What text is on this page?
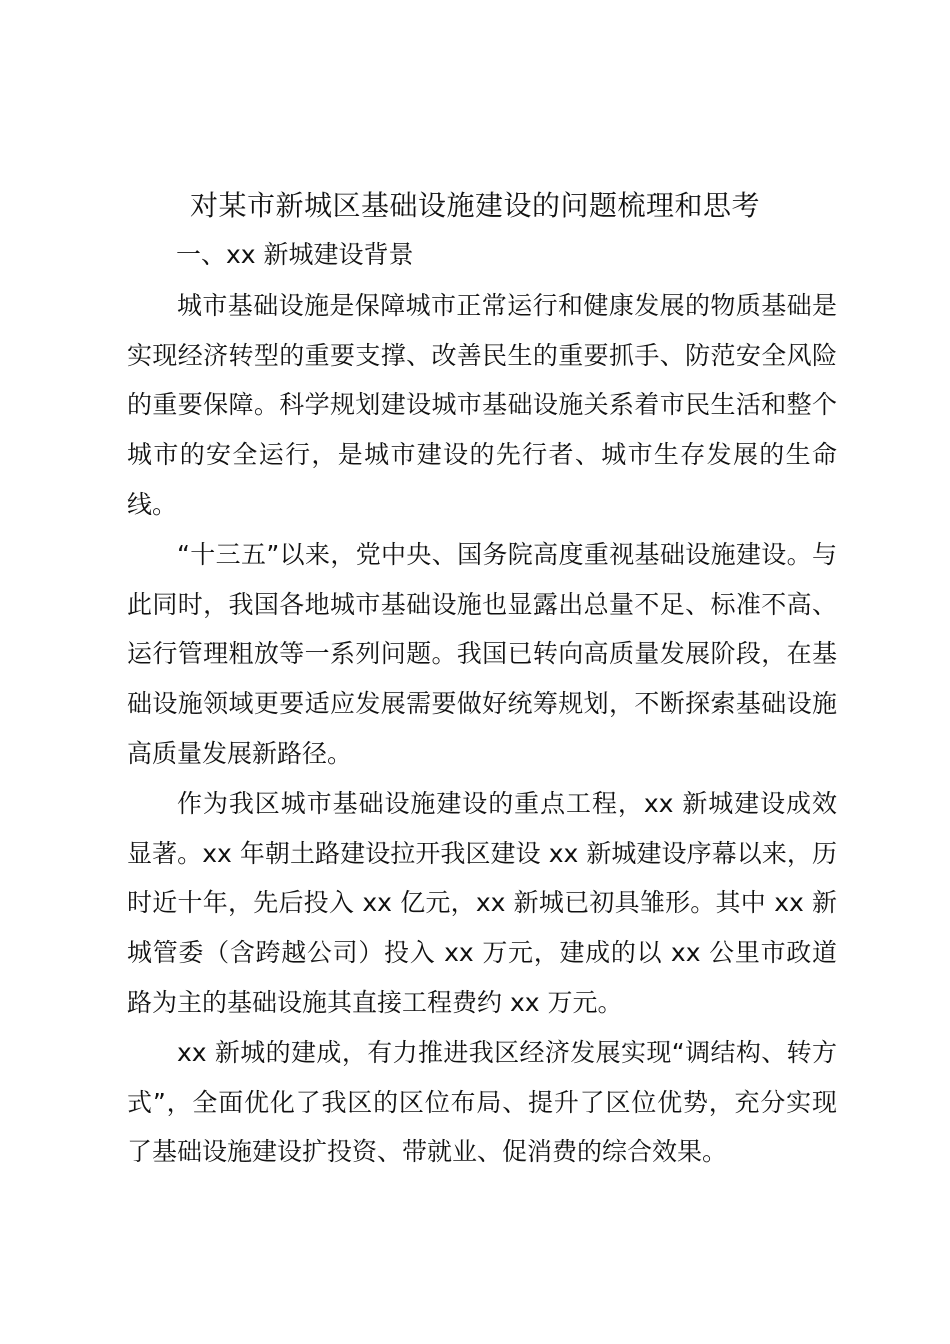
对某市新城区基础设施建设的问题梳理和思考
一、xx 新城建设背景

城市基础设施是保障城市正常运行和健康发展的物质基础是实现经济转型的重要支撑、改善民生的重要抓手、防范安全风险的重要保障。科学规划建设城市基础设施关系着市民生活和整个城市的安全运行，是城市建设的先行者、城市生存发展的生命线。

“十三五”以来，党中央、国务院高度重视基础设施建设。与此同时，我国各地城市基础设施也显露出总量不足、标准不高、运行管理粗放等一系列问题。我国已转向高质量发展阶段，在基础设施领域更要适应发展需要做好统筹规划，不断探索基础设施高质量发展新路径。

作为我区城市基础设施建设的重点工程，xx 新城建设成效显著。xx 年朝土路建设拉开我区建设 xx 新城建设序幕以来，历时近十年，先后投入 xx 亿元，xx 新城已初具雏形。其中 xx 新城管委（含跨越公司）投入 xx 万元，建成的以 xx 公里市政道路为主的基础设施其直接工程费约 xx 万元。

xx 新城的建成，有力推进我区经济发展实现“调结构、转方式”，全面优化了我区的区位布局、提升了区位优势，充分实现了基础设施建设扩投资、带就业、促消费的综合效果。
